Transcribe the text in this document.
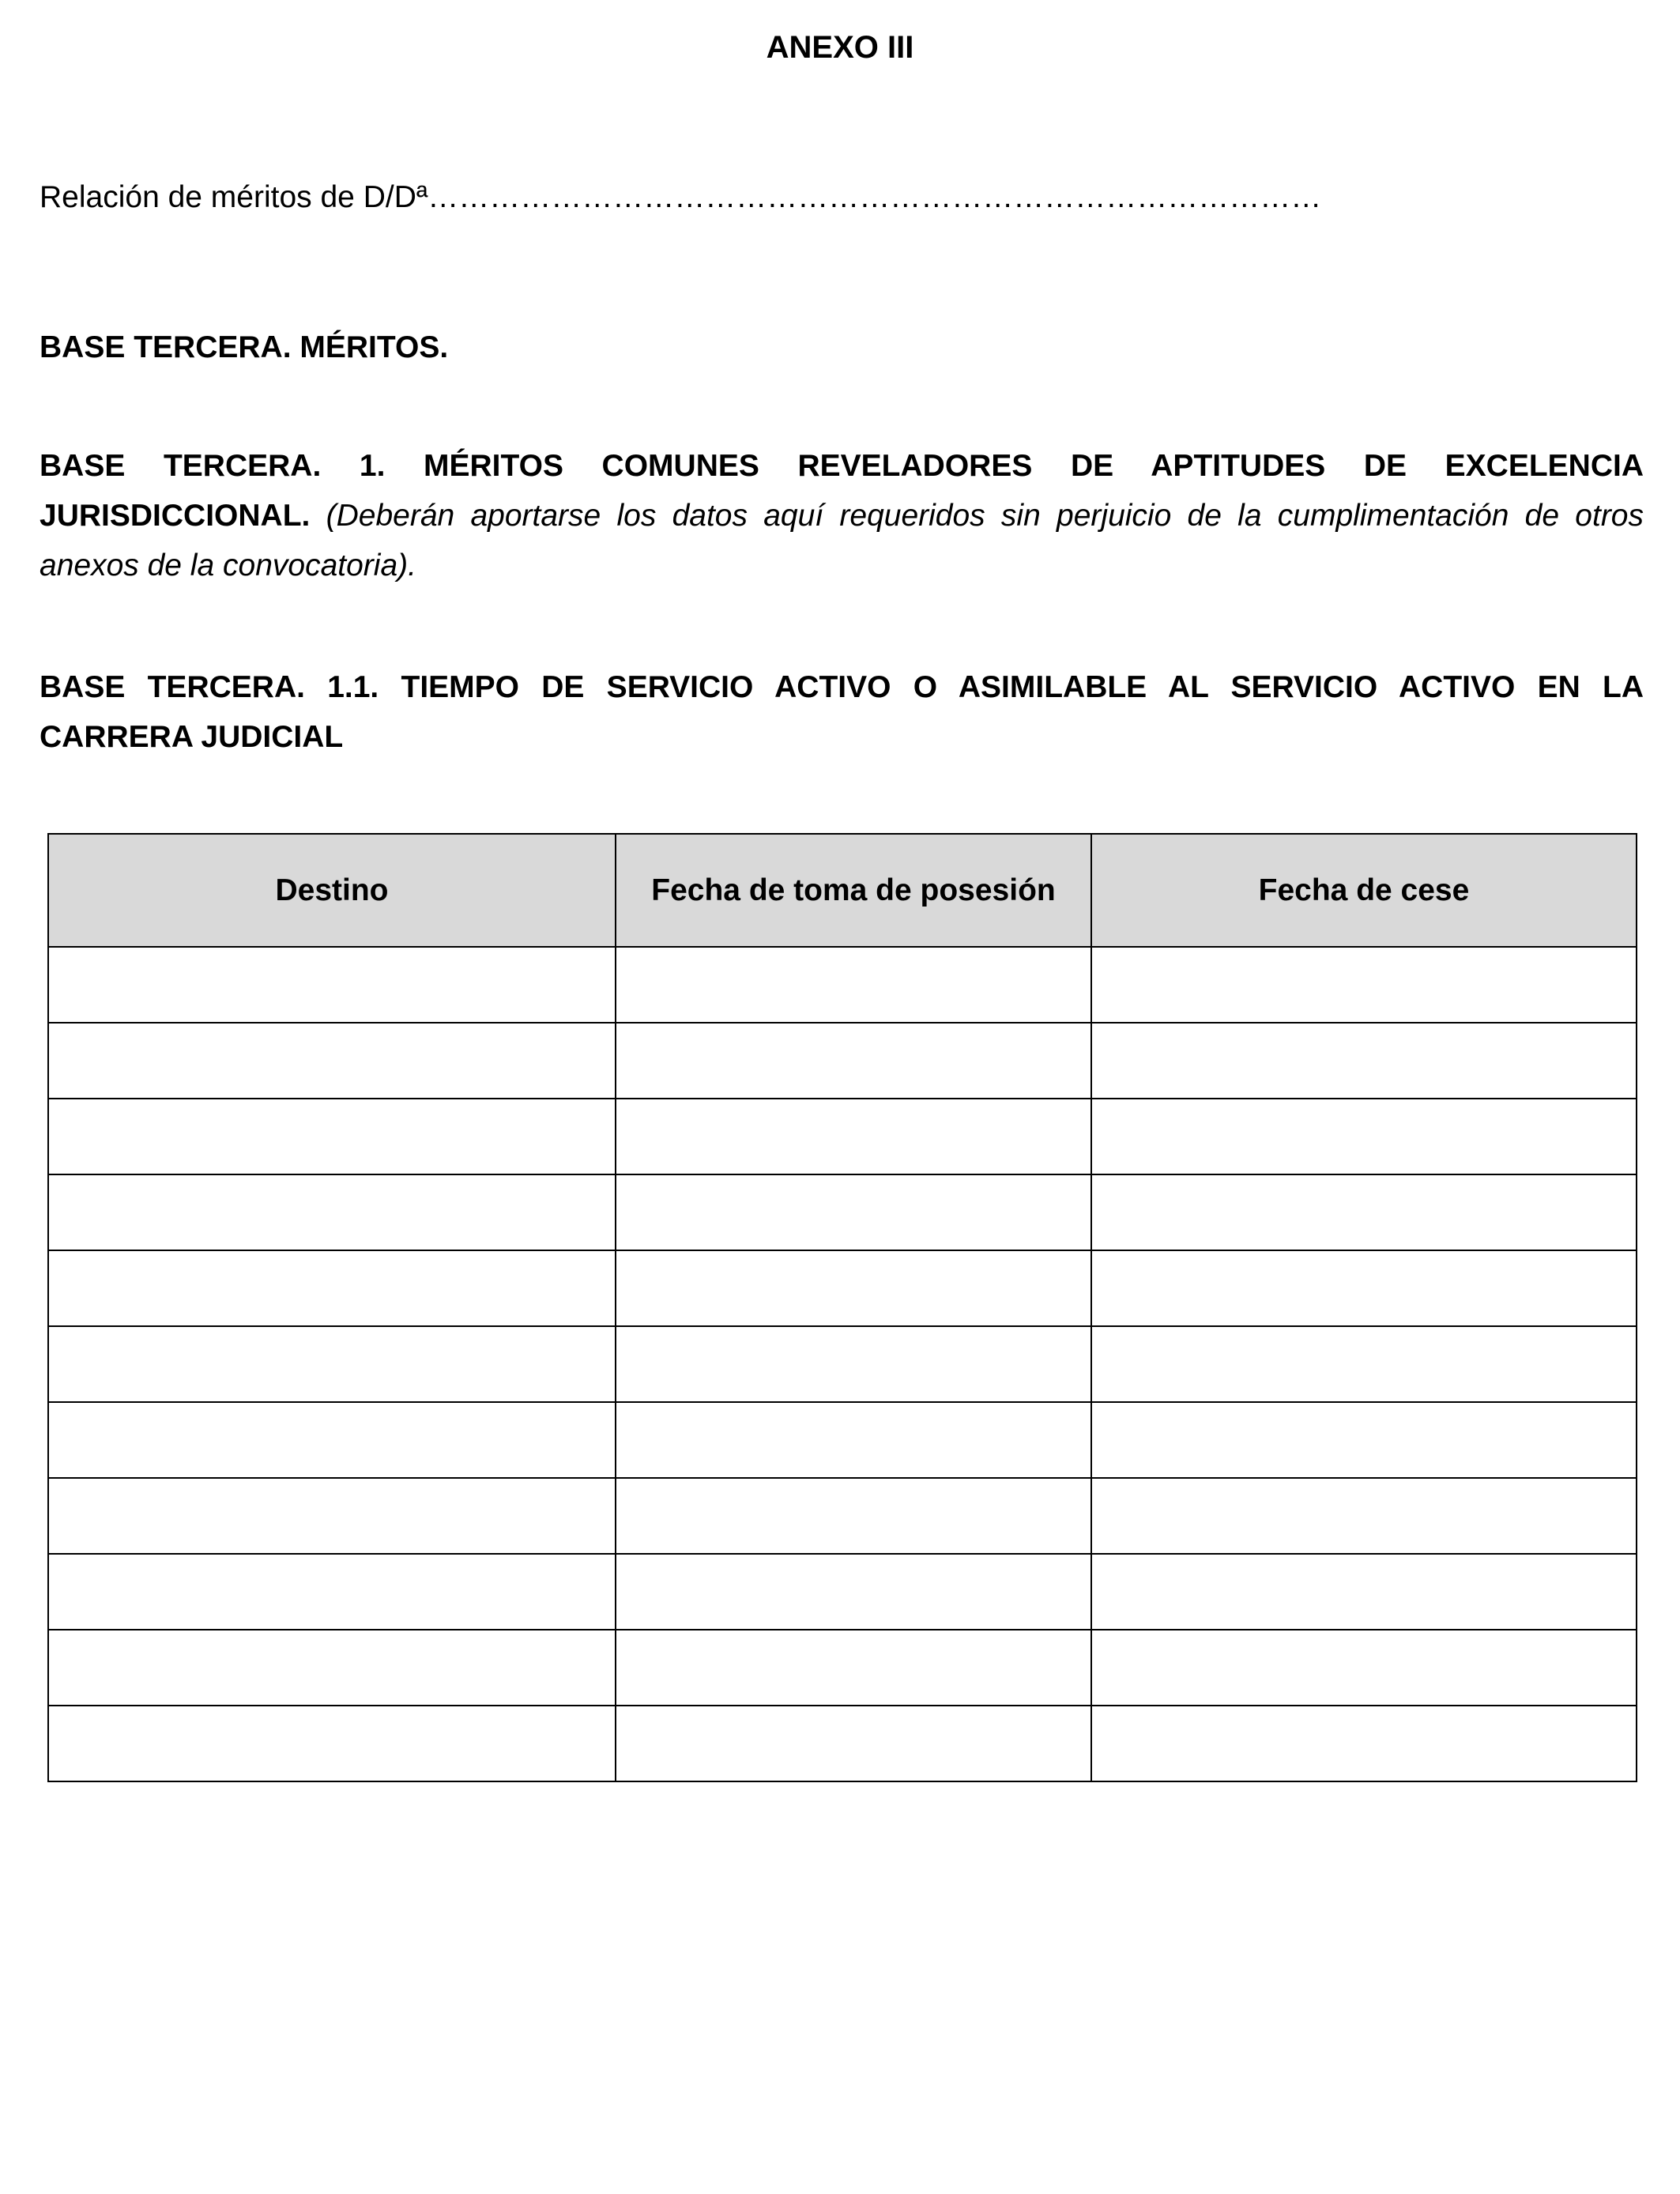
ANEXO III
Relación de méritos de D/Dª……………………………………………………………………………
BASE TERCERA. MÉRITOS.
BASE TERCERA. 1. MÉRITOS COMUNES REVELADORES DE APTITUDES DE EXCELENCIA
JURISDICCIONAL. (Deberán aportarse los datos aquí requeridos sin perjuicio de la cumplimentación de otros anexos de la convocatoria).
BASE TERCERA. 1.1. TIEMPO DE SERVICIO ACTIVO O ASIMILABLE AL SERVICIO ACTIVO EN LA
CARRERA JUDICIAL
Destino	Fecha de toma de posesión	Fecha de cese
